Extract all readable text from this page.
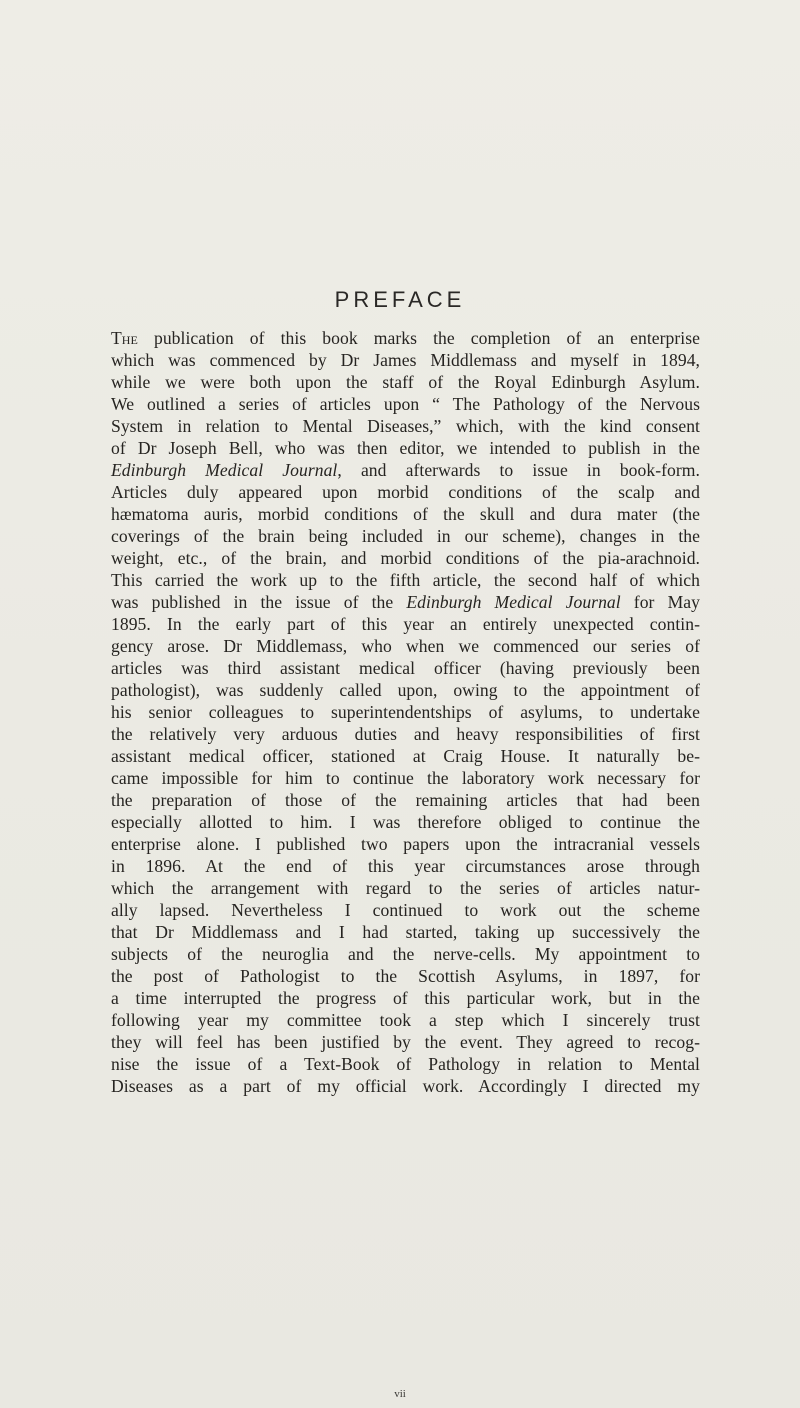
PREFACE
The publication of this book marks the completion of an enterprise
which was commenced by Dr James Middlemass and myself in 1894,
while we were both upon the staff of the Royal Edinburgh Asylum.
We outlined a series of articles upon “ The Pathology of the Nervous
System in relation to Mental Diseases,” which, with the kind consent
of Dr Joseph Bell, who was then editor, we intended to publish in the
Edinburgh Medical Journal, and afterwards to issue in book-form.
Articles duly appeared upon morbid conditions of the scalp and
hæmatoma auris, morbid conditions of the skull and dura mater (the
coverings of the brain being included in our scheme), changes in the
weight, etc., of the brain, and morbid conditions of the pia-arachnoid.
This carried the work up to the fifth article, the second half of which
was published in the issue of the Edinburgh Medical Journal for May
1895. In the early part of this year an entirely unexpected contin-
gency arose. Dr Middlemass, who when we commenced our series of
articles was third assistant medical officer (having previously been
pathologist), was suddenly called upon, owing to the appointment of
his senior colleagues to superintendentships of asylums, to undertake
the relatively very arduous duties and heavy responsibilities of first
assistant medical officer, stationed at Craig House. It naturally be-
came impossible for him to continue the laboratory work necessary for
the preparation of those of the remaining articles that had been
especially allotted to him. I was therefore obliged to continue the
enterprise alone. I published two papers upon the intracranial vessels
in 1896. At the end of this year circumstances arose through
which the arrangement with regard to the series of articles natur-
ally lapsed. Nevertheless I continued to work out the scheme
that Dr Middlemass and I had started, taking up successively the
subjects of the neuroglia and the nerve-cells. My appointment to
the post of Pathologist to the Scottish Asylums, in 1897, for
a time interrupted the progress of this particular work, but in the
following year my committee took a step which I sincerely trust
they will feel has been justified by the event. They agreed to recog-
nise the issue of a Text-Book of Pathology in relation to Mental
Diseases as a part of my official work. Accordingly I directed my
vii
